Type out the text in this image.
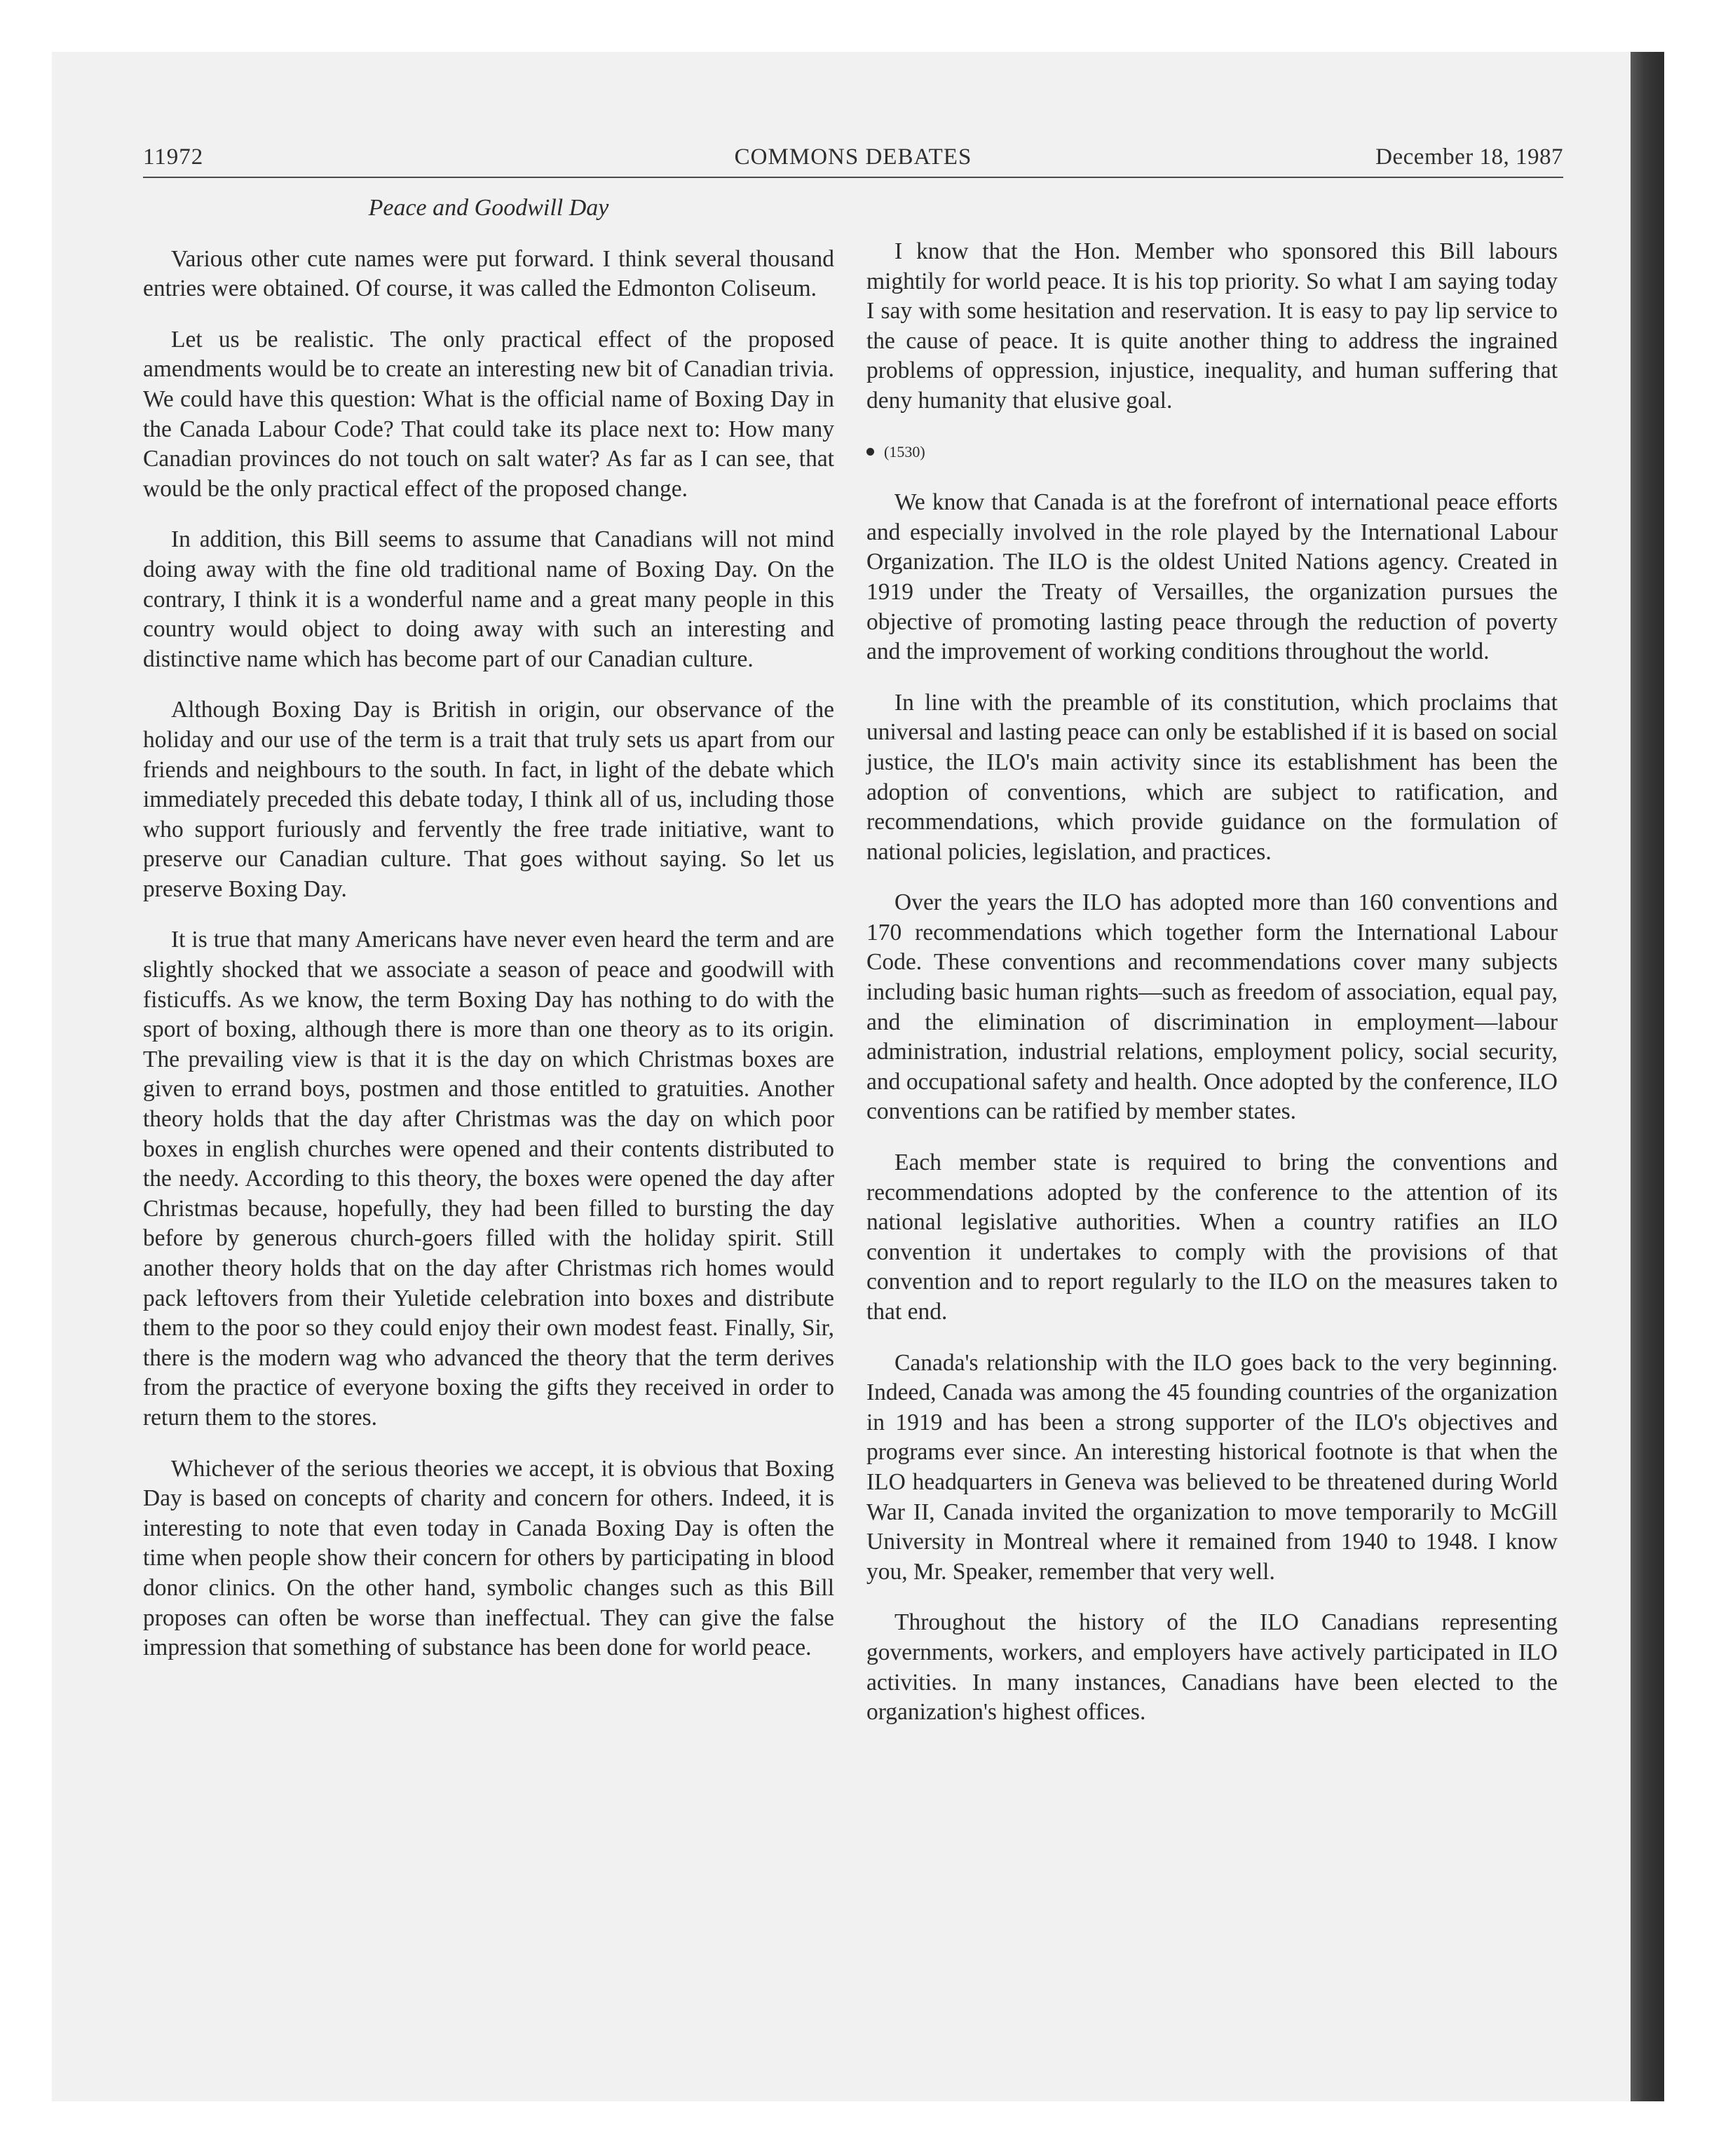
11972	COMMONS DEBATES	December 18, 1987

Peace and Goodwill Day

Various other cute names were put forward. I think several thousand entries were obtained. Of course, it was called the Edmonton Coliseum.

Let us be realistic. The only practical effect of the proposed amendments would be to create an interesting new bit of Canadian trivia. We could have this question: What is the official name of Boxing Day in the Canada Labour Code? That could take its place next to: How many Canadian provinces do not touch on salt water? As far as I can see, that would be the only practical effect of the proposed change.

In addition, this Bill seems to assume that Canadians will not mind doing away with the fine old traditional name of Boxing Day. On the contrary, I think it is a wonderful name and a great many people in this country would object to doing away with such an interesting and distinctive name which has become part of our Canadian culture.

Although Boxing Day is British in origin, our observance of the holiday and our use of the term is a trait that truly sets us apart from our friends and neighbours to the south. In fact, in light of the debate which immediately preceded this debate today, I think all of us, including those who support furiously and fervently the free trade initiative, want to preserve our Canadian culture. That goes without saying. So let us preserve Boxing Day.

It is true that many Americans have never even heard the term and are slightly shocked that we associate a season of peace and goodwill with fisticuffs. As we know, the term Boxing Day has nothing to do with the sport of boxing, although there is more than one theory as to its origin. The prevailing view is that it is the day on which Christmas boxes are given to errand boys, postmen and those entitled to gratuities. Another theory holds that the day after Christmas was the day on which poor boxes in english churches were opened and their contents distributed to the needy. According to this theory, the boxes were opened the day after Christmas because, hopefully, they had been filled to bursting the day before by generous church-goers filled with the holiday spirit. Still another theory holds that on the day after Christmas rich homes would pack leftovers from their Yuletide celebration into boxes and distribute them to the poor so they could enjoy their own modest feast. Finally, Sir, there is the modern wag who advanced the theory that the term derives from the practice of everyone boxing the gifts they received in order to return them to the stores.

Whichever of the serious theories we accept, it is obvious that Boxing Day is based on concepts of charity and concern for others. Indeed, it is interesting to note that even today in Canada Boxing Day is often the time when people show their concern for others by participating in blood donor clinics. On the other hand, symbolic changes such as this Bill proposes can often be worse than ineffectual. They can give the false impression that something of substance has been done for world peace.

I know that the Hon. Member who sponsored this Bill labours mightily for world peace. It is his top priority. So what I am saying today I say with some hesitation and reservation. It is easy to pay lip service to the cause of peace. It is quite another thing to address the ingrained problems of oppression, injustice, inequality, and human suffering that deny humanity that elusive goal.

(1530)

We know that Canada is at the forefront of international peace efforts and especially involved in the role played by the International Labour Organization. The ILO is the oldest United Nations agency. Created in 1919 under the Treaty of Versailles, the organization pursues the objective of promoting lasting peace through the reduction of poverty and the improvement of working conditions throughout the world.

In line with the preamble of its constitution, which proclaims that universal and lasting peace can only be established if it is based on social justice, the ILO's main activity since its establishment has been the adoption of conventions, which are subject to ratification, and recommendations, which provide guidance on the formulation of national policies, legislation, and practices.

Over the years the ILO has adopted more than 160 conventions and 170 recommendations which together form the International Labour Code. These conventions and recommendations cover many subjects including basic human rights—such as freedom of association, equal pay, and the elimination of discrimination in employment—labour administration, industrial relations, employment policy, social security, and occupational safety and health. Once adopted by the conference, ILO conventions can be ratified by member states.

Each member state is required to bring the conventions and recommendations adopted by the conference to the attention of its national legislative authorities. When a country ratifies an ILO convention it undertakes to comply with the provisions of that convention and to report regularly to the ILO on the measures taken to that end.

Canada's relationship with the ILO goes back to the very beginning. Indeed, Canada was among the 45 founding countries of the organization in 1919 and has been a strong supporter of the ILO's objectives and programs ever since. An interesting historical footnote is that when the ILO headquarters in Geneva was believed to be threatened during World War II, Canada invited the organization to move temporarily to McGill University in Montreal where it remained from 1940 to 1948. I know you, Mr. Speaker, remember that very well.

Throughout the history of the ILO Canadians representing governments, workers, and employers have actively participated in ILO activities. In many instances, Canadians have been elected to the organization's highest offices.
